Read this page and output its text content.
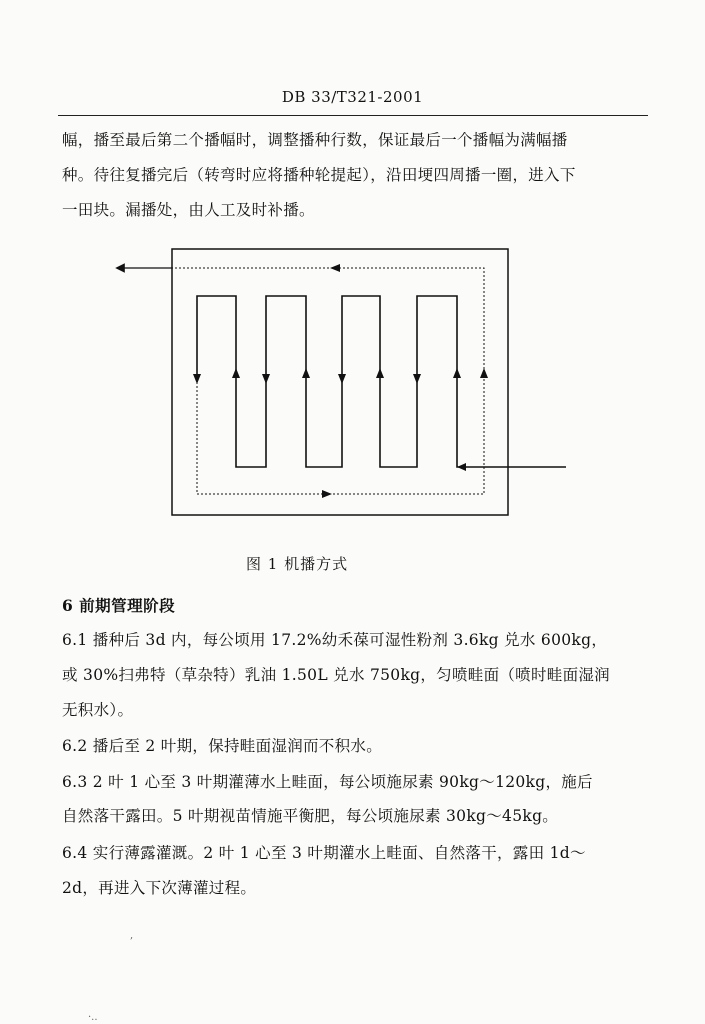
DB 33/T321-2001
幅，播至最后第二个播幅时，调整播种行数，保证最后一个播幅为满幅播
种。待往复播完后（转弯时应将播种轮提起），沿田埂四周播一圈，进入下
一田块。漏播处，由人工及时补播。
图 1 机播方式
6 前期管理阶段
6.1 播种后 3d 内，每公顷用 17.2%幼禾葆可湿性粉剂 3.6kg 兑水 600kg，
或 30%扫弗特（草杂特）乳油 1.50L 兑水 750kg，匀喷畦面（喷时畦面湿润
无积水）。
6.2 播后至 2 叶期，保持畦面湿润而不积水。
6.3 2 叶 1 心至 3 叶期灌薄水上畦面，每公顷施尿素 90kg～120kg，施后
自然落干露田。5 叶期视苗情施平衡肥，每公顷施尿素 30kg～45kg。
6.4 实行薄露灌溉。2 叶 1 心至 3 叶期灌水上畦面、自然落干，露田 1d～
2d，再进入下次薄灌过程。
,
·..
